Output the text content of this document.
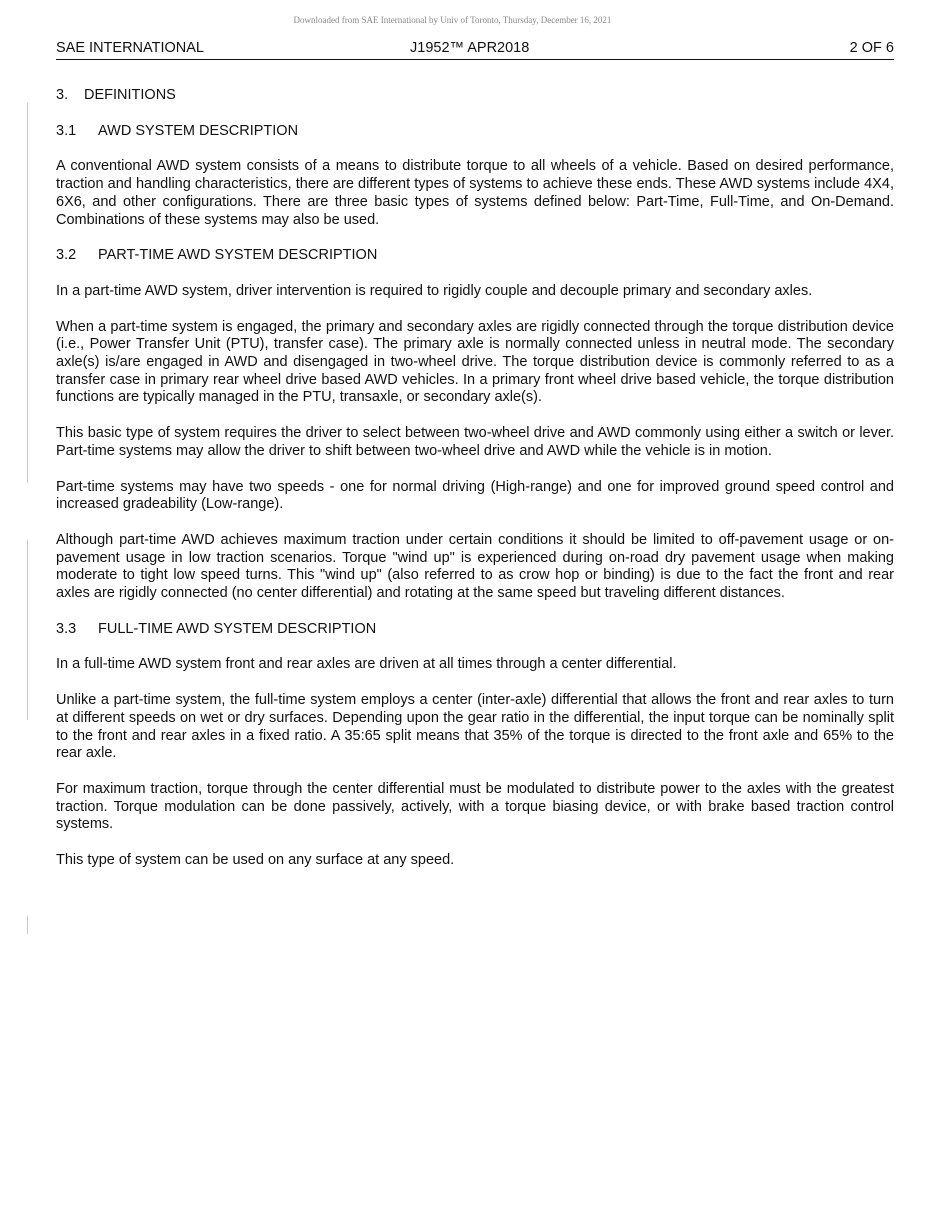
Downloaded from SAE International by Univ of Toronto, Thursday, December 16, 2021
SAE INTERNATIONAL	J1952™ APR2018	2 OF 6
3. DEFINITIONS
3.1 AWD SYSTEM DESCRIPTION

A conventional AWD system consists of a means to distribute torque to all wheels of a vehicle. Based on desired performance, traction and handling characteristics, there are different types of systems to achieve these ends. These AWD systems include 4X4, 6X6, and other configurations. There are three basic types of systems defined below: Part-Time, Full-Time, and On-Demand. Combinations of these systems may also be used.

3.2 PART-TIME AWD SYSTEM DESCRIPTION

In a part-time AWD system, driver intervention is required to rigidly couple and decouple primary and secondary axles.

When a part-time system is engaged, the primary and secondary axles are rigidly connected through the torque distribution device (i.e., Power Transfer Unit (PTU), transfer case). The primary axle is normally connected unless in neutral mode. The secondary axle(s) is/are engaged in AWD and disengaged in two-wheel drive. The torque distribution device is commonly referred to as a transfer case in primary rear wheel drive based AWD vehicles. In a primary front wheel drive based vehicle, the torque distribution functions are typically managed in the PTU, transaxle, or secondary axle(s).

This basic type of system requires the driver to select between two-wheel drive and AWD commonly using either a switch or lever. Part-time systems may allow the driver to shift between two-wheel drive and AWD while the vehicle is in motion.

Part-time systems may have two speeds - one for normal driving (High-range) and one for improved ground speed control and increased gradeability (Low-range).

Although part-time AWD achieves maximum traction under certain conditions it should be limited to off-pavement usage or on-pavement usage in low traction scenarios. Torque "wind up" is experienced during on-road dry pavement usage when making moderate to tight low speed turns. This "wind up" (also referred to as crow hop or binding) is due to the fact the front and rear axles are rigidly connected (no center differential) and rotating at the same speed but traveling different distances.

3.3 FULL-TIME AWD SYSTEM DESCRIPTION

In a full-time AWD system front and rear axles are driven at all times through a center differential.

Unlike a part-time system, the full-time system employs a center (inter-axle) differential that allows the front and rear axles to turn at different speeds on wet or dry surfaces. Depending upon the gear ratio in the differential, the input torque can be nominally split to the front and rear axles in a fixed ratio. A 35:65 split means that 35% of the torque is directed to the front axle and 65% to the rear axle.

For maximum traction, torque through the center differential must be modulated to distribute power to the axles with the greatest traction. Torque modulation can be done passively, actively, with a torque biasing device, or with brake based traction control systems.

This type of system can be used on any surface at any speed.
